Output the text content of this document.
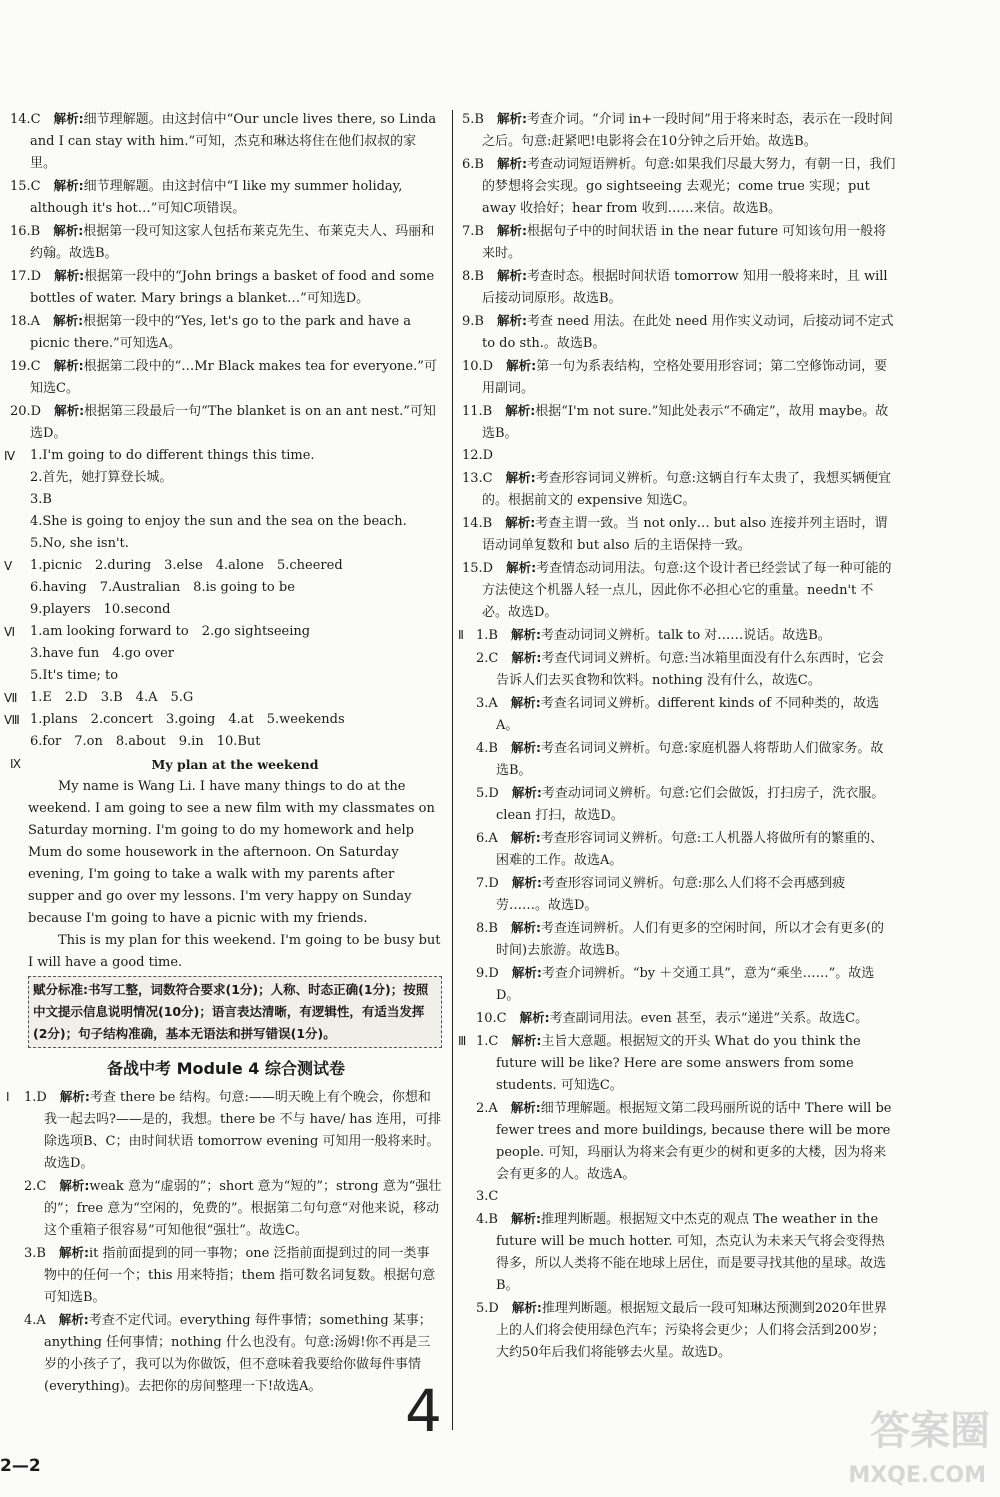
14.C　解析:细节理解题。由这封信中“Our uncle lives there, so Linda and I can stay with him.”可知，杰克和琳达将住在他们叔叔的家里。

15.C　解析:细节理解题。由这封信中“I like my summer holiday, although it's hot…”可知C项错误。

16.B　解析:根据第一段可知这家人包括布莱克先生、布莱克夫人、玛丽和约翰。故选B。

17.D　解析:根据第一段中的“John brings a basket of food and some bottles of water. Mary brings a blanket…”可知选D。

18.A　解析:根据第一段中的“Yes, let's go to the park and have a picnic there.”可知选A。

19.C　解析:根据第二段中的“…Mr Black makes tea for everyone.”可知选C。

20.D　解析:根据第三段最后一句“The blanket is on an ant nest.”可知选D。

Ⅳ	1.I'm going to do different things this time.

2.首先，她打算登长城。

3.B

4.She is going to enjoy the sun and the sea on the beach.

5.No, she isn't.

Ⅴ	1.picnic　2.during　3.else　4.alone　5.cheered

6.having　7.Australian　8.is going to be

9.players　10.second

Ⅵ	1.am looking forward to　2.go sightseeing

3.have fun　4.go over

5.It's time; to

Ⅶ 1.E　2.D　3.B　4.A　5.G

Ⅷ 1.plans　2.concert　3.going　4.at　5.weekends

6.for　7.on　8.about　9.in　10.But

Ⅸ	My plan at the weekend

My name is Wang Li. I have many things to do at the weekend. I am going to see a new film with my classmates on Saturday morning. I'm going to do my homework and help Mum do some housework in the afternoon. On Saturday evening, I'm going to take a walk with my parents after supper and go over my lessons. I'm very happy on Sunday because I'm going to have a picnic with my friends.

This is my plan for this weekend. I'm going to be busy but I will have a good time.

赋分标准:书写工整，词数符合要求(1分)；人称、时态正确(1分)；按照中文提示信息说明情况(10分)；语言表达清晰，有逻辑性，有适当发挥(2分)；句子结构准确，基本无语法和拼写错误(1分)。
备战中考 Module 4 综合测试卷

Ⅰ	1.D　解析:考查 there be 结构。句意:——明天晚上有个晚会，你想和我一起去吗?——是的，我想。there be 不与 have/ has 连用，可排除选项B、C；由时间状语 tomorrow evening 可知用一般将来时。故选D。

2.C　解析:weak 意为“虚弱的”；short 意为“短的”；strong 意为“强壮的”；free 意为“空闲的，免费的”。根据第二句句意“对他来说，移动这个重箱子很容易”可知他很“强壮”。故选C。

3.B　解析:it 指前面提到的同一事物；one 泛指前面提到过的同一类事物中的任何一个；this 用来特指；them 指可数名词复数。根据句意可知选B。

4.A　解析:考查不定代词。everything 每件事情；something 某事；anything 任何事情；nothing 什么也没有。句意:汤姆!你不再是三岁的小孩子了，我可以为你做饭，但不意味着我要给你做每件事情(everything)。去把你的房间整理一下!故选A。

5.B　解析:考查介词。“介词 in+一段时间”用于将来时态，表示在一段时间之后。句意:赶紧吧!电影将会在10分钟之后开始。故选B。

6.B　解析:考查动词短语辨析。句意:如果我们尽最大努力，有朝一日，我们的梦想将会实现。go sightseeing 去观光；come true 实现；put away 收拾好；hear from 收到……来信。故选B。

7.B　解析:根据句子中的时间状语 in the near future 可知该句用一般将来时。

8.B　解析:考查时态。根据时间状语 tomorrow 知用一般将来时，且 will 后接动词原形。故选B。

9.B　解析:考查 need 用法。在此处 need 用作实义动词，后接动词不定式 to do sth.。故选B。

10.D　解析:第一句为系表结构，空格处要用形容词；第二空修饰动词，要用副词。

11.B　解析:根据“I'm not sure.”知此处表示“不确定”，故用 maybe。故选B。

12.D

13.C　解析:考查形容词词义辨析。句意:这辆自行车太贵了，我想买辆便宜的。根据前文的 expensive 知选C。

14.B　解析:考查主谓一致。当 not only… but also 连接并列主语时，谓语动词单复数和 but also 后的主语保持一致。

15.D　解析:考查情态动词用法。句意:这个设计者已经尝试了每一种可能的方法使这个机器人轻一点儿，因此你不必担心它的重量。needn't 不必。故选D。

Ⅱ 1.B　解析:考查动词词义辨析。talk to 对……说话。故选B。

2.C　解析:考查代词词义辨析。句意:当冰箱里面没有什么东西时，它会告诉人们去买食物和饮料。nothing 没有什么，故选C。

3.A　解析:考查名词词义辨析。different kinds of 不同种类的，故选A。

4.B　解析:考查名词词义辨析。句意:家庭机器人将帮助人们做家务。故选B。

5.D　解析:考查动词词义辨析。句意:它们会做饭，打扫房子，洗衣服。clean 打扫，故选D。

6.A　解析:考查形容词词义辨析。句意:工人机器人将做所有的繁重的、困难的工作。故选A。

7.D　解析:考查形容词词义辨析。句意:那么人们将不会再感到疲劳……。故选D。

8.B　解析:考查连词辨析。人们有更多的空闲时间，所以才会有更多(的时间)去旅游。故选B。

9.D　解析:考查介词辨析。“by ＋交通工具”，意为“乘坐……”。故选D。

10.C　解析:考查副词用法。even 甚至，表示“递进”关系。故选C。

Ⅲ 1.C　解析:主旨大意题。根据短文的开头 What do you think the future will be like? Here are some answers from some students. 可知选C。

2.A　解析:细节理解题。根据短文第二段玛丽所说的话中 There will be fewer trees and more buildings, because there will be more people. 可知，玛丽认为将来会有更少的树和更多的大楼，因为将来会有更多的人。故选A。

3.C

4.B　解析:推理判断题。根据短文中杰克的观点 The weather in the future will be much hotter. 可知，杰克认为未来天气将会变得热得多，所以人类将不能在地球上居住，而是要寻找其他的星球。故选B。

5.D　解析:推理判断题。根据短文最后一段可知琳达预测到2020年世界上的人们将会使用绿色汽车；污染将会更少；人们将会活到200岁；大约50年后我们将能够去火星。故选D。

2—2
4	答案圈
MXQE.COM
